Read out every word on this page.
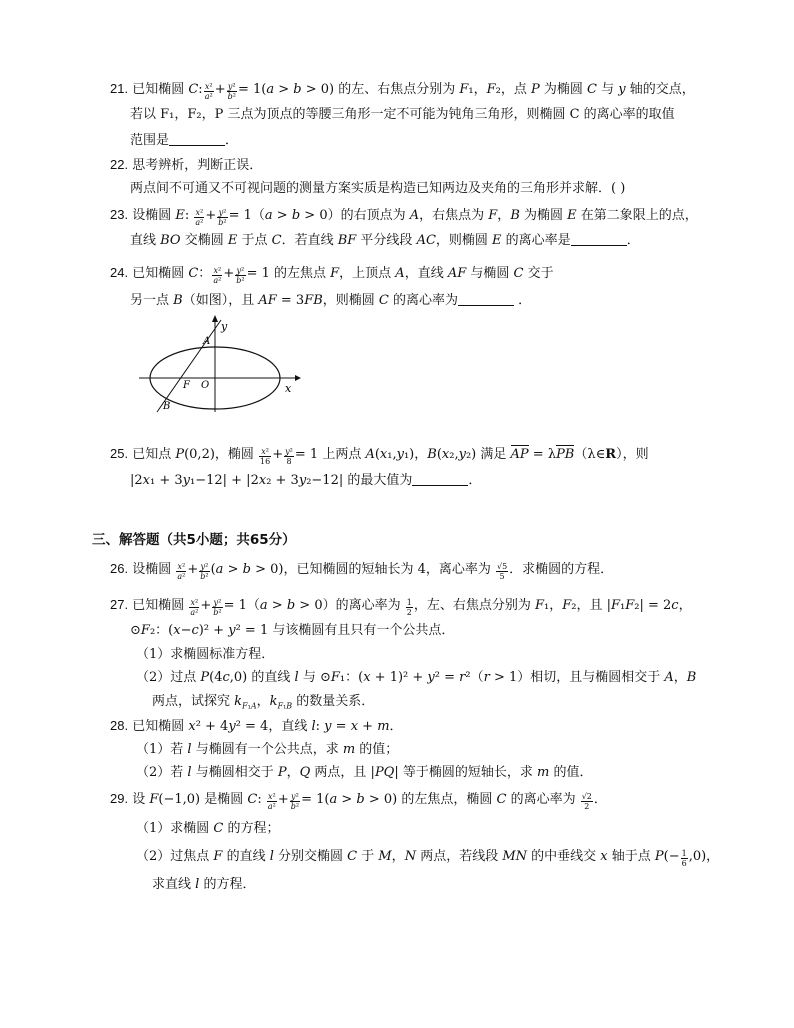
21. 已知椭圆 C: $\frac{\text{x²}}{\text{a²}} + \frac{\text{y²}}{\text{b²}} = 1(a > b > 0)$ 的左、右焦点分别为 F₁，F₂，点 P 为椭圆 C 与 y 轴的交点，
若以 F₁，F₂，P 三点为顶点的等腰三角形一定不可能为钝角三角形，则椭圆 C 的离心率的取值
范围是	．
22. 思考辨析，判断正误．
两点间不可通又不可视问题的测量方案实质是构造已知两边及夹角的三角形并求解．( )
23. 设椭圆 E: $\frac{\text{x²}}{\text{a²}} + \frac{\text{y²}}{\text{b²}} = 1(a > b > 0)$的右顶点为 A，右焦点为 F，B 为椭圆 E 在第二象限上的点，
直线 BO 交椭圆 E 于点 C．若直线 BF 平分线段 AC，则椭圆 E 的离心率是	．
24. 已知椭圆 C： $\frac{\text{x²}}{\text{a²}} + \frac{\text{y²}}{\text{b²}} = 1$ 的左焦点 F，上顶点 A，直线 AF 与椭圆 C 交于
另一点 B（如图），且 AF = 3FB，则椭圆 C 的离心率为	．
y
x
A
F O
B
25. 已知点 P(0,2)，椭圆 $\frac{\text{x²}}{16} + \frac{\text{y²}}{8} = 1$ 上两点 A(x₁,y₁)，B(x₂,y₂) 满足 AP = λPB（λ∈R），则
|2x₁ + 3y₁−12| + |2x₂ + 3y₂−12| 的最大值为	．
三、解答题（共5小题；共65分）
26. 设椭圆 $\frac{\text{x²}}{\text{a²}} + \frac{\text{y²}}{\text{b²}} (a > b > 0)$，已知椭圆的短轴长为 4，离心率为 $\frac{√5}{5}$ ．求椭圆的方程．
27. 已知椭圆 $\frac{\text{x²}}{\text{a²}} + \frac{\text{y²}}{\text{b²}} = 1(a > b > 0)$的离心率为 $\frac{1}{2}$ ，左、右焦点分别为 F₁，F₂，且 |F₁F₂| = 2c，
⊙F₂：(x−c)² + y² = 1 与该椭圆有且只有一个公共点．
（1）求椭圆标准方程．
（2）过点 P(4c,0) 的直线 l 与 ⊙F₁：(x + 1)² + y² = r²（r > 1）相切，且与椭圆相交于 A，B
两点，试探究 $k_{F_1A}$，$k_{F_1B}$ 的数量关系．
28. 已知椭圆 x² + 4y² = 4，直线 l: y = x + m．
（1）若 l 与椭圆有一个公共点，求 m 的值；
（2）若 l 与椭圆相交于 P，Q 两点，且 |PQ| 等于椭圆的短轴长，求 m 的值．
29. 设 F(−1,0) 是椭圆 C: $\frac{\text{x²}}{\text{a²}} + \frac{\text{y²}}{\text{b²}} = 1(a > b > 0)$ 的左焦点，椭圆 C 的离心率为 $\frac{√2}{2}$ ．
（1）求椭圆 C 的方程；
（2）过焦点 F 的直线 l 分别交椭圆 C 于 M，N 两点，若线段 MN 的中垂线交 x 轴于点 $P(- \frac{1}{6} ,0)$，
求直线 l 的方程．
